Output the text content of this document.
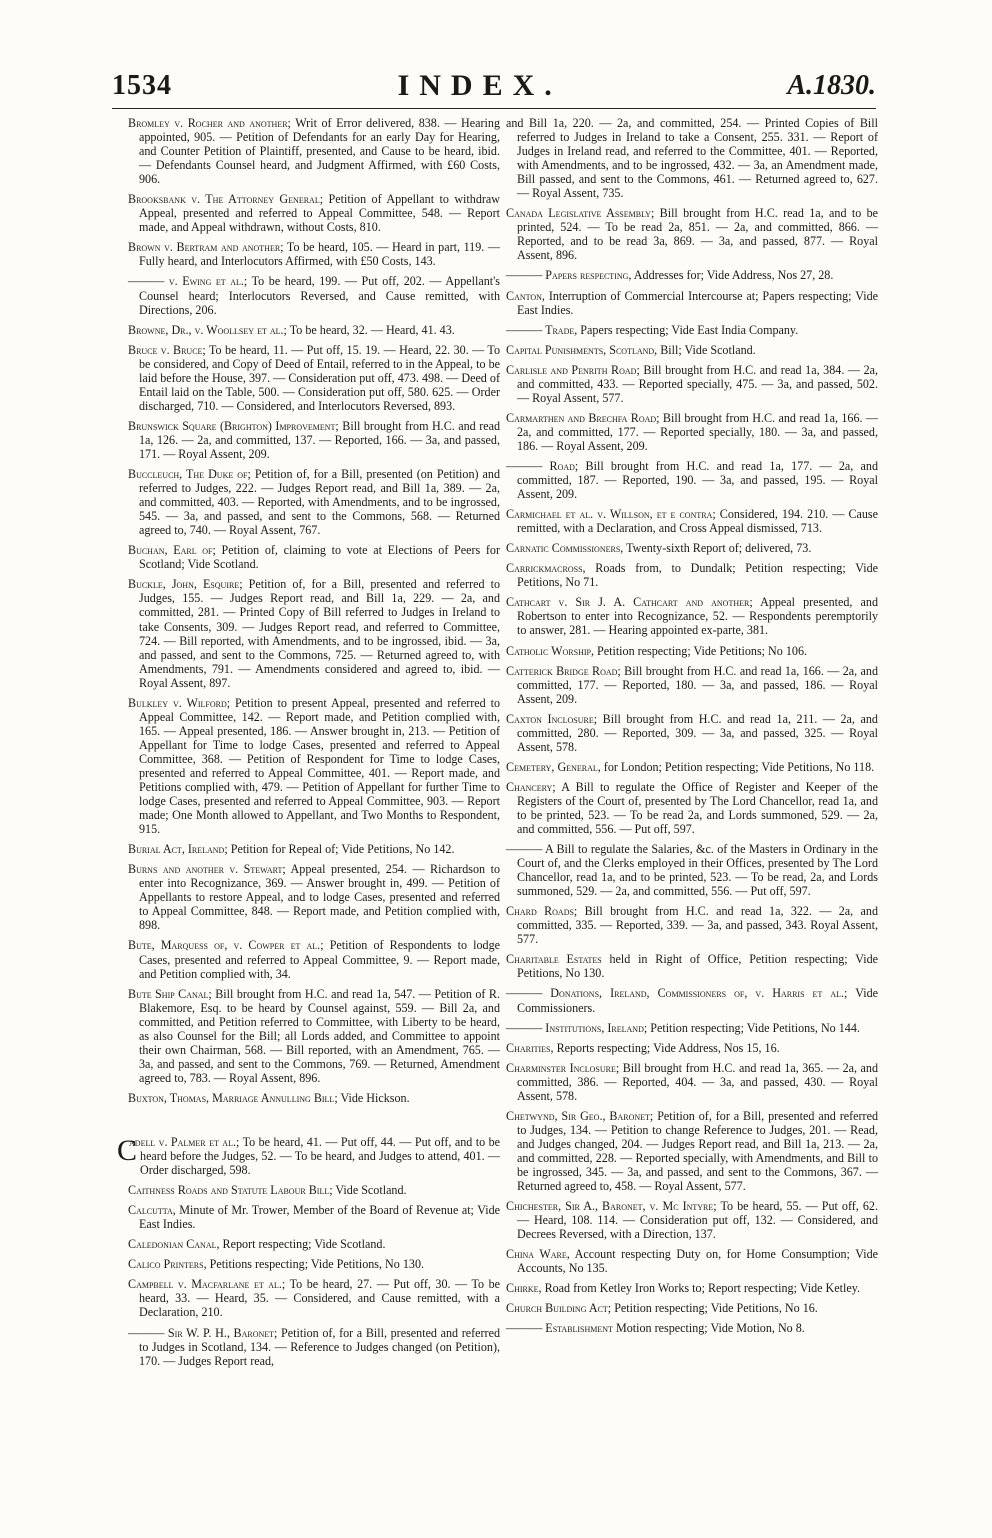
1534	INDEX.	A.1830.

Bromley v. Rocher and another; Writ of Error delivered, 838. — Hearing appointed, 905. — Petition of Defendants for an early Day for Hearing, and Counter Petition of Plaintiff, presented, and Cause to be heard, ibid. — Defendants Counsel heard, and Judgment Affirmed, with £60 Costs, 906.

Brooksbank v. The Attorney General; Petition of Appellant to withdraw Appeal, presented and referred to Appeal Committee, 548. — Report made, and Appeal withdrawn, without Costs, 810.

Brown v. Bertram and another; To be heard, 105. — Heard in part, 119. — Fully heard, and Interlocutors Affirmed, with £50 Costs, 143.

——— v. Ewing et al.; To be heard, 199. — Put off, 202. — Appellant's Counsel heard; Interlocutors Reversed, and Cause remitted, with Directions, 206.

Browne, Dr., v. Woollsey et al.; To be heard, 32. — Heard, 41. 43.

Bruce v. Bruce; To be heard, 11. — Put off, 15. 19. — Heard, 22. 30. — To be considered, and Copy of Deed of Entail, referred to in the Appeal, to be laid before the House, 397. — Consideration put off, 473. 498. — Deed of Entail laid on the Table, 500. — Consideration put off, 580. 625. — Order discharged, 710. — Considered, and Interlocutors Reversed, 893.

Brunswick Square (Brighton) Improvement; Bill brought from H.C. and read 1a, 126. — 2a, and committed, 137. — Reported, 166. — 3a, and passed, 171. — Royal Assent, 209.

Buccleuch, The Duke of; Petition of, for a Bill, presented (on Petition) and referred to Judges, 222. — Judges Report read, and Bill 1a, 389. — 2a, and committed, 403. — Reported, with Amendments, and to be ingrossed, 545. — 3a, and passed, and sent to the Commons, 568. — Returned agreed to, 740. — Royal Assent, 767.

Buchan, Earl of; Petition of, claiming to vote at Elections of Peers for Scotland; Vide Scotland.

Buckle, John, Esquire; Petition of, for a Bill, presented and referred to Judges, 155. — Judges Report read, and Bill 1a, 229. — 2a, and committed, 281. — Printed Copy of Bill referred to Judges in Ireland to take Consents, 309. — Judges Report read, and referred to Committee, 724. — Bill reported, with Amendments, and to be ingrossed, ibid. — 3a, and passed, and sent to the Commons, 725. — Returned agreed to, with Amendments, 791. — Amendments considered and agreed to, ibid. — Royal Assent, 897.

Bulkley v. Wilford; Petition to present Appeal, presented and referred to Appeal Committee, 142. — Report made, and Petition complied with, 165. — Appeal presented, 186. — Answer brought in, 213. — Petition of Appellant for Time to lodge Cases, presented and referred to Appeal Committee, 368. — Petition of Respondent for Time to lodge Cases, presented and referred to Appeal Committee, 401. — Report made, and Petitions complied with, 479. — Petition of Appellant for further Time to lodge Cases, presented and referred to Appeal Committee, 903. — Report made; One Month allowed to Appellant, and Two Months to Respondent, 915.

Burial Act, Ireland; Petition for Repeal of; Vide Petitions, No 142.

Burns and another v. Stewart; Appeal presented, 254. — Richardson to enter into Recognizance, 369. — Answer brought in, 499. — Petition of Appellants to restore Appeal, and to lodge Cases, presented and referred to Appeal Committee, 848. — Report made, and Petition complied with, 898.

Bute, Marquess of, v. Cowper et al.; Petition of Respondents to lodge Cases, presented and referred to Appeal Committee, 9. — Report made, and Petition complied with, 34.

Bute Ship Canal; Bill brought from H.C. and read 1a, 547. — Petition of R. Blakemore, Esq. to be heard by Counsel against, 559. — Bill 2a, and committed, and Petition referred to Committee, with Liberty to be heard, as also Counsel for the Bill; all Lords added, and Committee to appoint their own Chairman, 568. — Bill reported, with an Amendment, 765. — 3a, and passed, and sent to the Commons, 769. — Returned, Amendment agreed to, 783. — Royal Assent, 896.

Buxton, Thomas, Marriage Annulling Bill; Vide Hickson.

C
adell v. Palmer et al.; To be heard, 41. — Put off, 44. — Put off, and to be heard before the Judges, 52. — To be heard, and Judges to attend, 401. — Order discharged, 598.

Caithness Roads and Statute Labour Bill; Vide Scotland.

Calcutta, Minute of Mr. Trower, Member of the Board of Revenue at; Vide East Indies.

Caledonian Canal, Report respecting; Vide Scotland.

Calico Printers, Petitions respecting; Vide Petitions, No 130.

Campbell v. Macfarlane et al.; To be heard, 27. — Put off, 30. — To be heard, 33. — Heard, 35. — Considered, and Cause remitted, with a Declaration, 210.

——— Sir W. P. H., Baronet; Petition of, for a Bill, presented and referred to Judges in Scotland, 134. — Reference to Judges changed (on Petition), 170. — Judges Report read,

and Bill 1a, 220. — 2a, and committed, 254. — Printed Copies of Bill referred to Judges in Ireland to take a Consent, 255. 331. — Report of Judges in Ireland read, and referred to the Committee, 401. — Reported, with Amendments, and to be ingrossed, 432. — 3a, an Amendment made, Bill passed, and sent to the Commons, 461. — Returned agreed to, 627. — Royal Assent, 735.

Canada Legislative Assembly; Bill brought from H.C. read 1a, and to be printed, 524. — To be read 2a, 851. — 2a, and committed, 866. — Reported, and to be read 3a, 869. — 3a, and passed, 877. — Royal Assent, 896.

——— Papers respecting, Addresses for; Vide Address, Nos 27, 28.

Canton, Interruption of Commercial Intercourse at; Papers respecting; Vide East Indies.

——— Trade, Papers respecting; Vide East India Company.

Capital Punishments, Scotland, Bill; Vide Scotland.

Carlisle and Penrith Road; Bill brought from H.C. and read 1a, 384. — 2a, and committed, 433. — Reported specially, 475. — 3a, and passed, 502. — Royal Assent, 577.

Carmarthen and Brechfa Road; Bill brought from H.C. and read 1a, 166. — 2a, and committed, 177. — Reported specially, 180. — 3a, and passed, 186. — Royal Assent, 209.

——— Road; Bill brought from H.C. and read 1a, 177. — 2a, and committed, 187. — Reported, 190. — 3a, and passed, 195. — Royal Assent, 209.

Carmichael et al. v. Willson, et e contra; Considered, 194. 210. — Cause remitted, with a Declaration, and Cross Appeal dismissed, 713.

Carnatic Commissioners, Twenty-sixth Report of; delivered, 73.

Carrickmacross, Roads from, to Dundalk; Petition respecting; Vide Petitions, No 71.

Cathcart v. Sir J. A. Cathcart and another; Appeal presented, and Robertson to enter into Recognizance, 52. — Respondents peremptorily to answer, 281. — Hearing appointed ex-parte, 381.

Catholic Worship, Petition respecting; Vide Petitions; No 106.

Catterick Bridge Road; Bill brought from H.C. and read 1a, 166. — 2a, and committed, 177. — Reported, 180. — 3a, and passed, 186. — Royal Assent, 209.

Caxton Inclosure; Bill brought from H.C. and read 1a, 211. — 2a, and committed, 280. — Reported, 309. — 3a, and passed, 325. — Royal Assent, 578.

Cemetery, General, for London; Petition respecting; Vide Petitions, No 118.

Chancery; A Bill to regulate the Office of Register and Keeper of the Registers of the Court of, presented by The Lord Chancellor, read 1a, and to be printed, 523. — To be read 2a, and Lords summoned, 529. — 2a, and committed, 556. — Put off, 597.

——— A Bill to regulate the Salaries, &c. of the Masters in Ordinary in the Court of, and the Clerks employed in their Offices, presented by The Lord Chancellor, read 1a, and to be printed, 523. — To be read, 2a, and Lords summoned, 529. — 2a, and committed, 556. — Put off, 597.

Chard Roads; Bill brought from H.C. and read 1a, 322. — 2a, and committed, 335. — Reported, 339. — 3a, and passed, 343. Royal Assent, 577.

Charitable Estates held in Right of Office, Petition respecting; Vide Petitions, No 130.

——— Donations, Ireland, Commissioners of, v. Harris et al.; Vide Commissioners.

——— Institutions, Ireland; Petition respecting; Vide Petitions, No 144.

Charities, Reports respecting; Vide Address, Nos 15, 16.

Charminster Inclosure; Bill brought from H.C. and read 1a, 365. — 2a, and committed, 386. — Reported, 404. — 3a, and passed, 430. — Royal Assent, 578.

Chetwynd, Sir Geo., Baronet; Petition of, for a Bill, presented and referred to Judges, 134. — Petition to change Reference to Judges, 201. — Read, and Judges changed, 204. — Judges Report read, and Bill 1a, 213. — 2a, and committed, 228. — Reported specially, with Amendments, and Bill to be ingrossed, 345. — 3a, and passed, and sent to the Commons, 367. — Returned agreed to, 458. — Royal Assent, 577.

Chichester, Sir A., Baronet, v. Mc Intyre; To be heard, 55. — Put off, 62. — Heard, 108. 114. — Consideration put off, 132. — Considered, and Decrees Reversed, with a Direction, 137.

China Ware, Account respecting Duty on, for Home Consumption; Vide Accounts, No 135.

Chirke, Road from Ketley Iron Works to; Report respecting; Vide Ketley.

Church Building Act; Petition respecting; Vide Petitions, No 16.

——— Establishment Motion respecting; Vide Motion, No 8.
